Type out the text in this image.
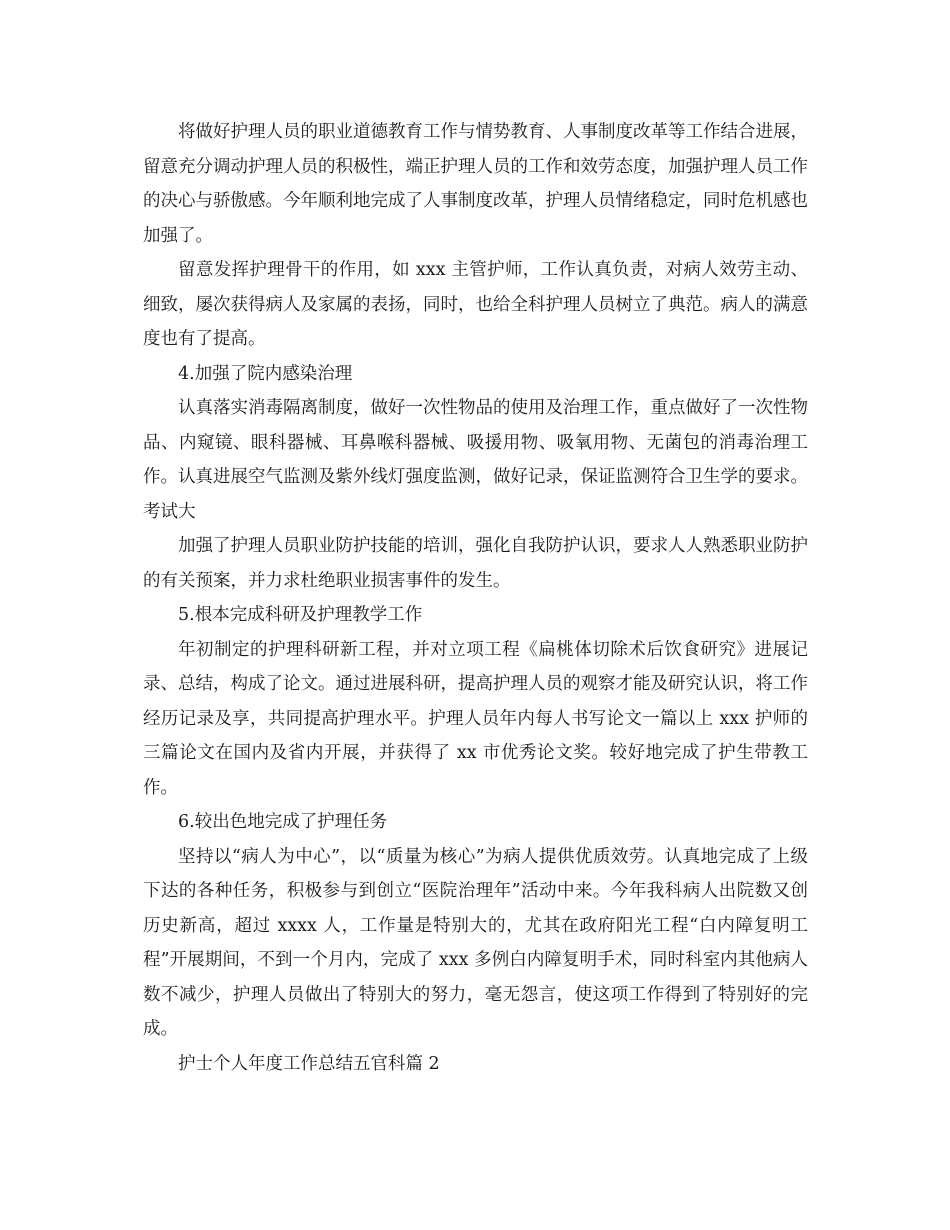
将做好护理人员的职业道德教育工作与情势教育、人事制度改革等工作结合进展，留意充分调动护理人员的积极性，端正护理人员的工作和效劳态度，加强护理人员工作的决心与骄傲感。今年顺利地完成了人事制度改革，护理人员情绪稳定，同时危机感也加强了。

留意发挥护理骨干的作用，如 xxx 主管护师，工作认真负责，对病人效劳主动、细致，屡次获得病人及家属的表扬，同时，也给全科护理人员树立了典范。病人的满意度也有了提高。

4.加强了院内感染治理

认真落实消毒隔离制度，做好一次性物品的使用及治理工作，重点做好了一次性物品、内窥镜、眼科器械、耳鼻喉科器械、吸援用物、吸氧用物、无菌包的消毒治理工作。认真进展空气监测及紫外线灯强度监测，做好记录，保证监测符合卫生学的要求。考试大

加强了护理人员职业防护技能的培训，强化自我防护认识，要求人人熟悉职业防护的有关预案，并力求杜绝职业损害事件的发生。

5.根本完成科研及护理教学工作

年初制定的护理科研新工程，并对立项工程《扁桃体切除术后饮食研究》进展记录、总结，构成了论文。通过进展科研，提高护理人员的观察才能及研究认识，将工作经历记录及享，共同提高护理水平。护理人员年内每人书写论文一篇以上 xxx 护师的三篇论文在国内及省内开展，并获得了 xx 市优秀论文奖。较好地完成了护生带教工作。

6.较出色地完成了护理任务

坚持以“病人为中心”，以“质量为核心”为病人提供优质效劳。认真地完成了上级下达的各种任务，积极参与到创立“医院治理年”活动中来。今年我科病人出院数又创历史新高，超过 xxxx 人，工作量是特别大的，尤其在政府阳光工程“白内障复明工程”开展期间，不到一个月内，完成了 xxx 多例白内障复明手术，同时科室内其他病人数不减少，护理人员做出了特别大的努力，毫无怨言，使这项工作得到了特别好的完成。

护士个人年度工作总结五官科篇 2
